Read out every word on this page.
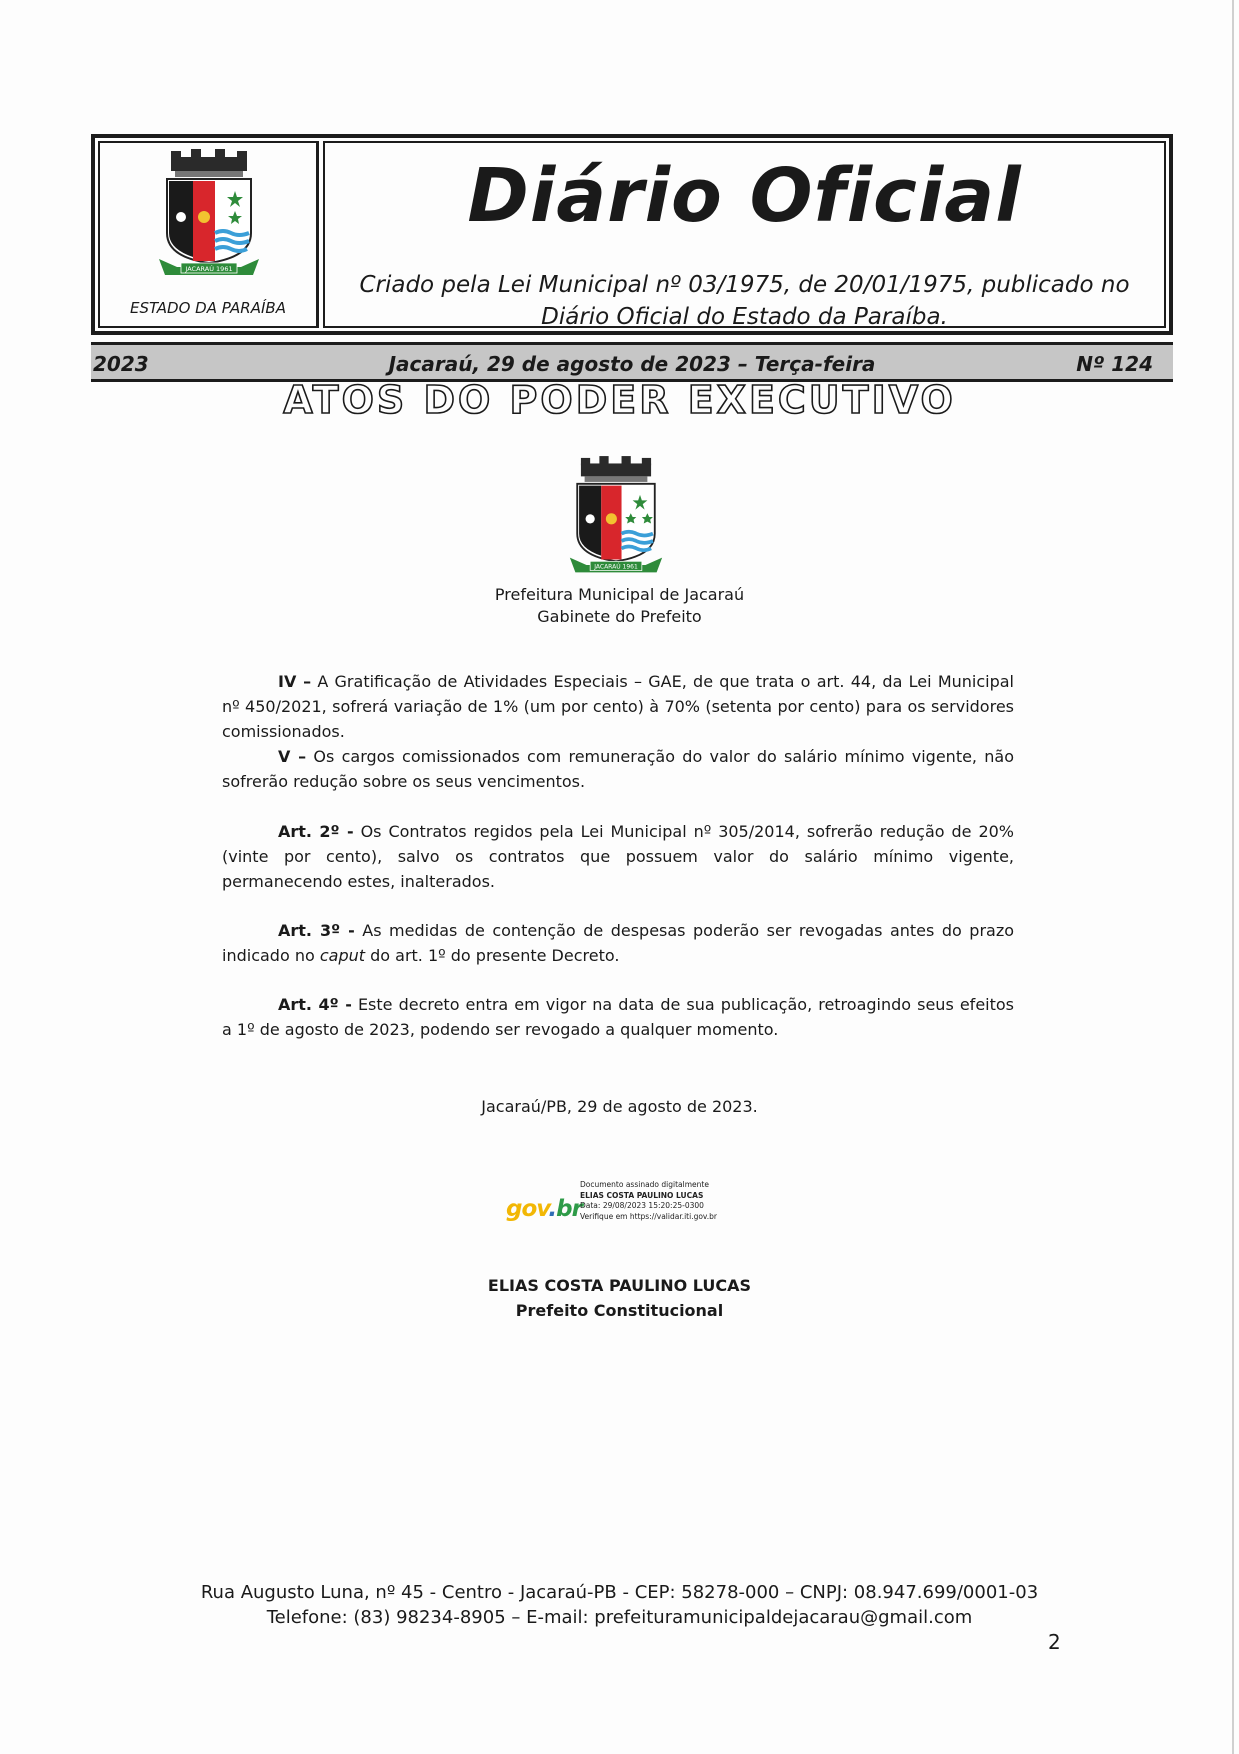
JACARAÚ 1961
ESTADO DA PARAÍBA
Diário Oficial
Criado pela Lei Municipal nº 03/1975, de 20/01/1975, publicado no
Diário Oficial do Estado da Paraíba.
Jacaraú, 29 de agosto de 2023 – Terça-feira
2023	Nº 124
ATOS DO PODER EXECUTIVO
JACARAÚ 1961
Prefeitura Municipal de Jacaraú
Gabinete do Prefeito

IV – A Gratificação de Atividades Especiais – GAE, de que trata o art. 44, da Lei Municipal nº 450/2021, sofrerá variação de 1% (um por cento) à 70% (setenta por cento) para os servidores comissionados.

V – Os cargos comissionados com remuneração do valor do salário mínimo vigente, não sofrerão redução sobre os seus vencimentos.

Art. 2º - Os Contratos regidos pela Lei Municipal nº 305/2014, sofrerão redução de 20% (vinte por cento), salvo os contratos que possuem valor do salário mínimo vigente, permanecendo estes, inalterados.

Art. 3º - As medidas de contenção de despesas poderão ser revogadas antes do prazo indicado no caput do art. 1º do presente Decreto.

Art. 4º - Este decreto entra em vigor na data de sua publicação, retroagindo seus efeitos a 1º de agosto de 2023, podendo ser revogado a qualquer momento.

Jacaraú/PB, 29 de agosto de 2023.
gov.br
Documento assinado digitalmente
ELIAS COSTA PAULINO LUCAS
Data: 29/08/2023 15:20:25-0300
Verifique em https://validar.iti.gov.br
ELIAS COSTA PAULINO LUCAS
Prefeito Constitucional
Rua Augusto Luna, nº 45 - Centro - Jacaraú-PB - CEP: 58278-000 – CNPJ: 08.947.699/0001-03
Telefone: (83) 98234-8905 – E-mail: prefeituramunicipaldejacarau@gmail.com
2
